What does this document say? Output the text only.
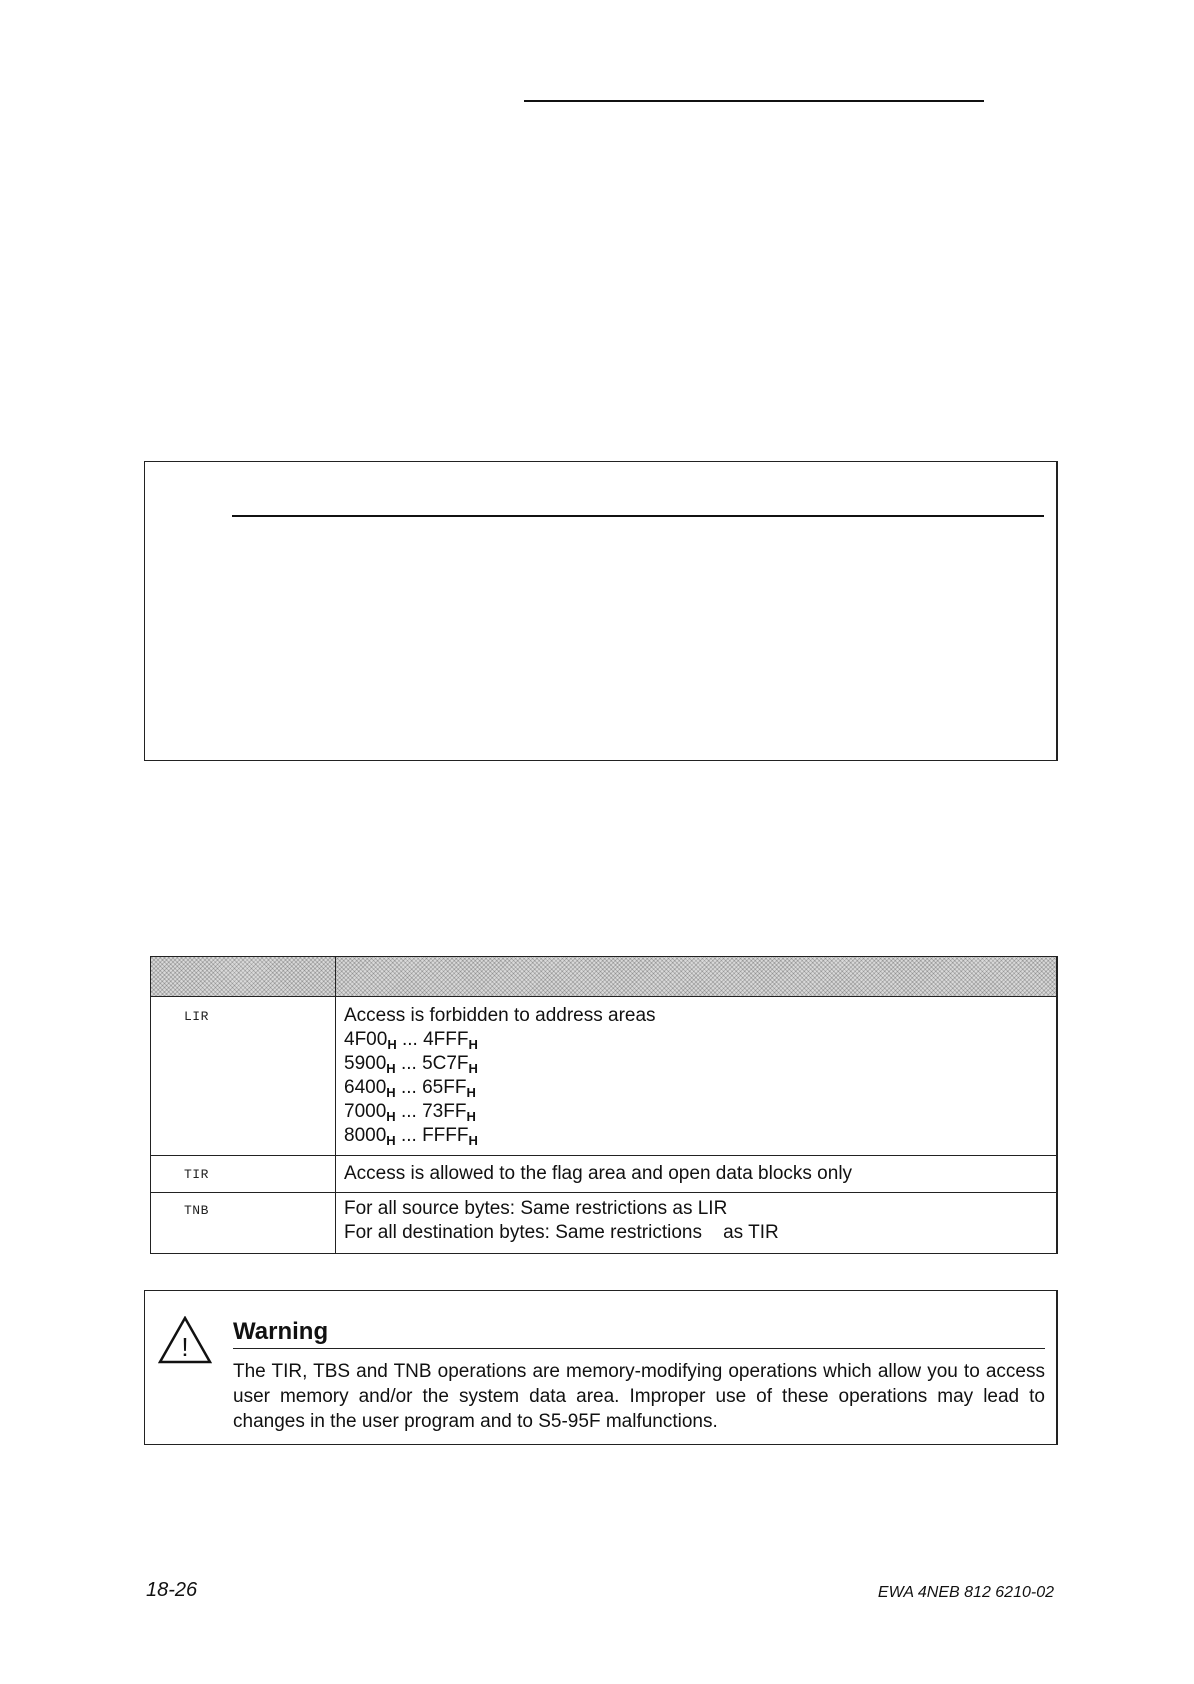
LIR	Access is forbidden to address areas
$4F00_H$ ... $4FFF_H$
$5900_H$ ... $5C7F_H$
$6400_H$ ... $65FF_H$
$7000_H$ ... $73FF_H$
$8000_H$ ... $FFFF_H$
TIR	Access is allowed to the flag area and open data blocks only
TNB	For all source bytes: Same restrictions as LIR
For all destination bytes: Same restrictions    as TIR
!
Warning
The TIR, TBS and TNB operations are memory-modifying operations which allow you to access user memory and/or the system data area. Improper use of these operations may lead to changes in the user program and to S5-95F malfunctions.
18-26	EWA 4NEB 812 6210-02
